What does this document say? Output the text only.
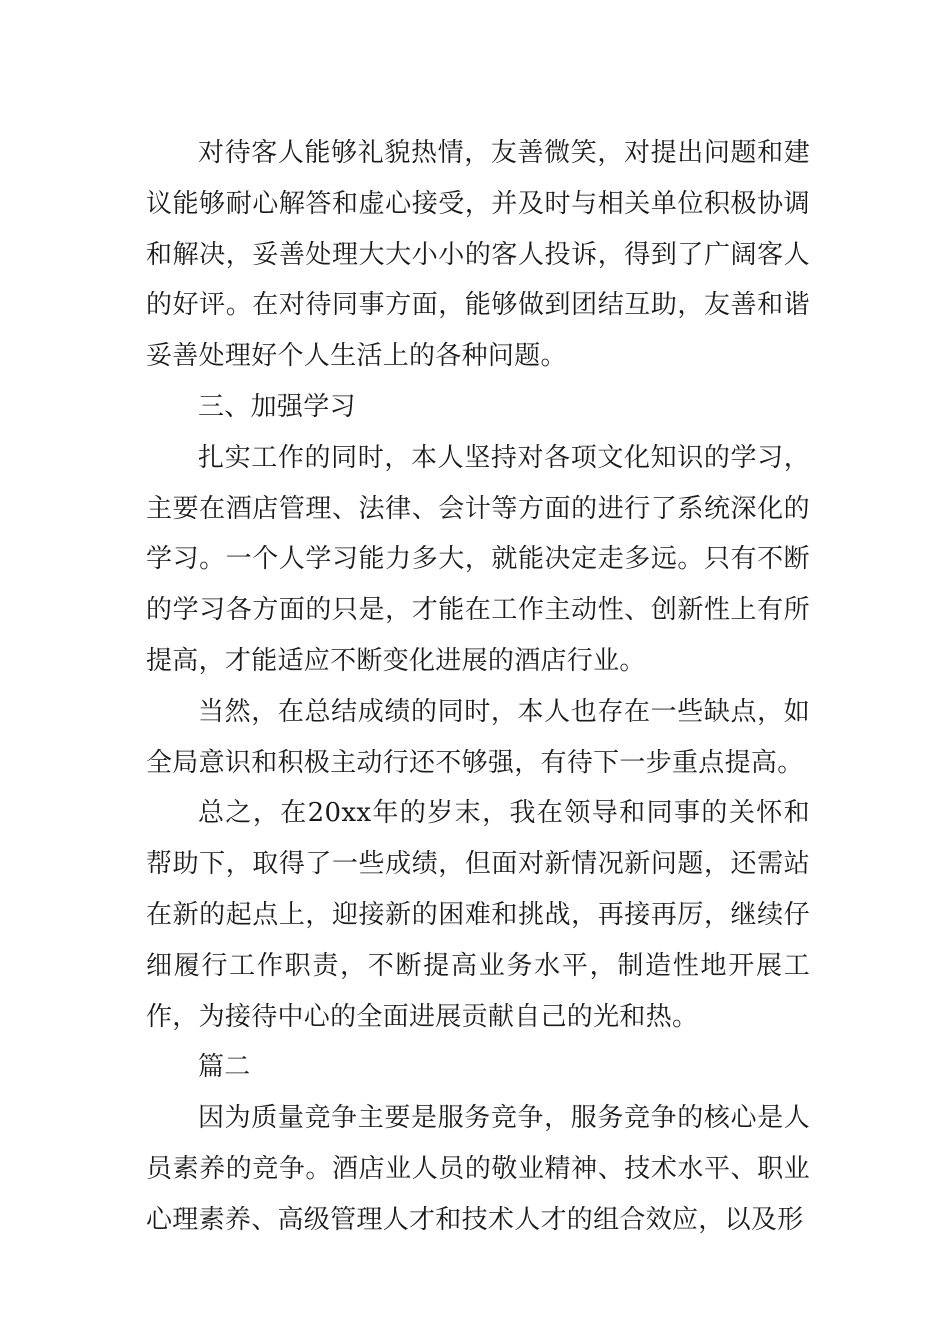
对待客人能够礼貌热情，友善微笑，对提出问题和建议能够耐心解答和虚心接受，并及时与相关单位积极协调和解决，妥善处理大大小小的客人投诉，得到了广阔客人的好评。在对待同事方面，能够做到团结互助，友善和谐妥善处理好个人生活上的各种问题。

三、加强学习

扎实工作的同时，本人坚持对各项文化知识的学习，主要在酒店管理、法律、会计等方面的进行了系统深化的学习。一个人学习能力多大，就能决定走多远。只有不断的学习各方面的只是，才能在工作主动性、创新性上有所提高，才能适应不断变化进展的酒店行业。

当然，在总结成绩的同时，本人也存在一些缺点，如全局意识和积极主动行还不够强，有待下一步重点提高。

总之，在20xx年的岁末，我在领导和同事的关怀和帮助下，取得了一些成绩，但面对新情况新问题，还需站在新的起点上，迎接新的困难和挑战，再接再厉，继续仔细履行工作职责，不断提高业务水平，制造性地开展工作，为接待中心的全面进展贡献自己的光和热。

篇二

因为质量竞争主要是服务竞争，服务竞争的核心是人员素养的竞争。酒店业人员的敬业精神、技术水平、职业心理素养、高级管理人才和技术人才的组合效应，以及形
